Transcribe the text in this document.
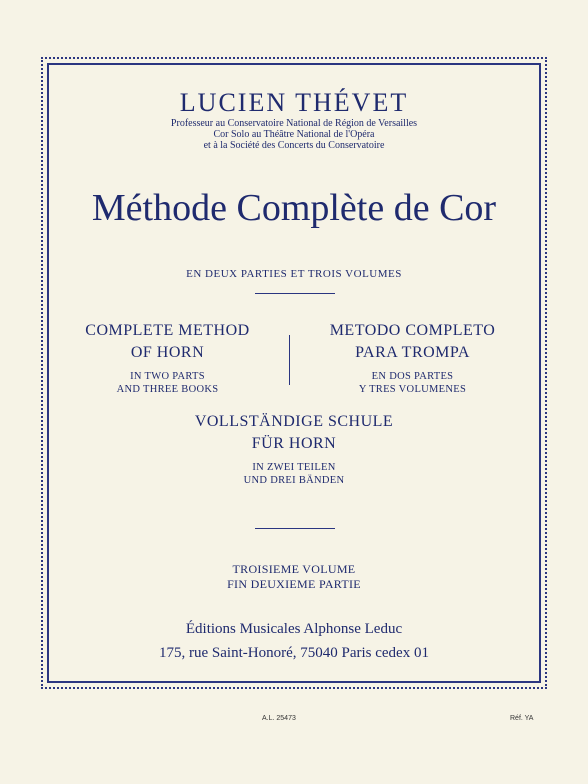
LUCIEN THÉVET
Professeur au Conservatoire National de Région de Versailles
Cor Solo au Théâtre National de l'Opéra
et à la Société des Concerts du Conservatoire
Méthode Complète de Cor
EN DEUX PARTIES ET TROIS VOLUMES
COMPLETE METHOD
OF HORN
IN TWO PARTS
AND THREE BOOKS
METODO COMPLETO
PARA TROMPA
EN DOS PARTES
Y TRES VOLUMENES
VOLLSTÄNDIGE SCHULE
FÜR HORN
IN ZWEI TEILEN
UND DREI BÄNDEN
TROISIEME VOLUME
FIN DEUXIEME PARTIE
Éditions Musicales Alphonse Leduc
175, rue Saint-Honoré, 75040 Paris cedex 01
A.L. 25473	Réf. YA
